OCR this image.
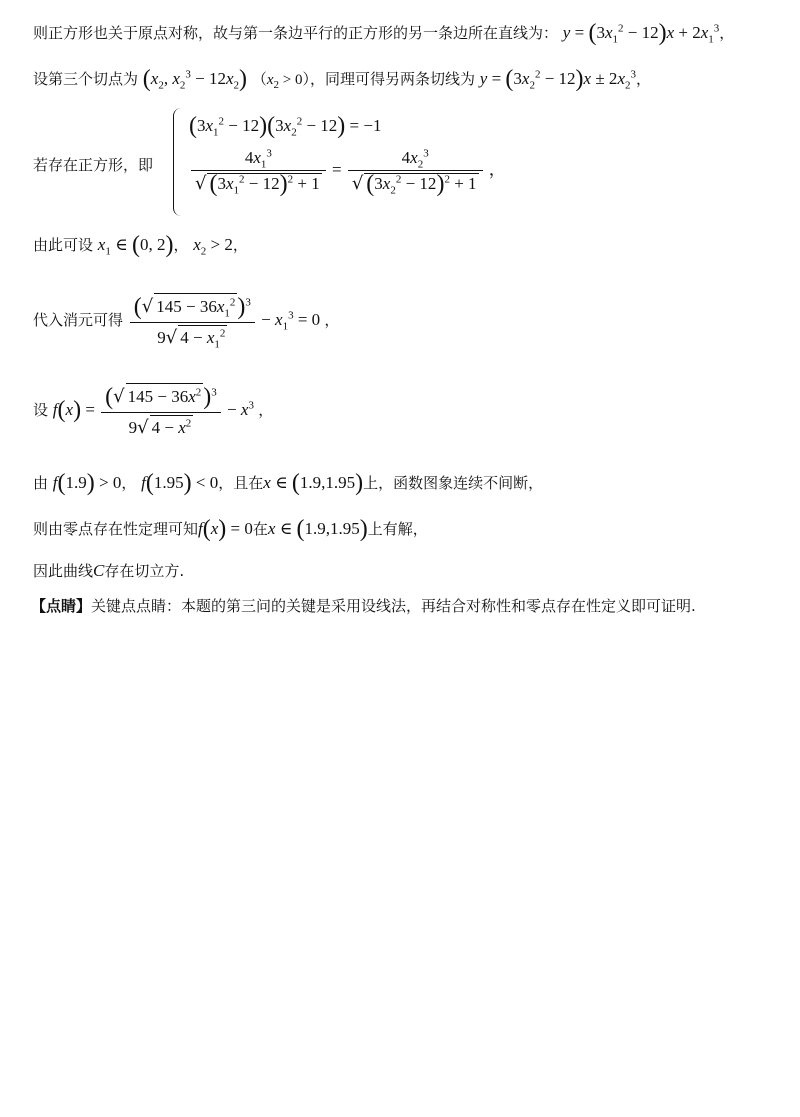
则正方形也关于原点对称，故与第一条边平行的正方形的另一条边所在直线为： $y = (3x_1^2 - 12)x + 2x_1^3$，
设第三个切点为 ($x_2$, $x_2^3 - 12x_2$) $(x_2 > 0)$，同理可得另两条切线为 $y = (3x_2^2 - 12)x \pm 2x_2^3$，
若存在正方形，即
$(3x_1^2 - 12)(3x_2^2 - 12) = -1$
$\frac{4x_1^3}{√ (3x_1^2 - 12)^2 + 1} = \frac{4x_2^3}{√ (3x_2^2 - 12)^2 + 1}$ ，
由此可设 $x_1$ ∈ (0, 2)， $x_2 > 2$，
代入消元可得 $\frac{(√ 145 - 36x_1^2)^3}{9√ 4 - x_1^2} - x_1^3 = 0$ ，
设 $f(x) = \frac{(√ 145 - 36x^2)^3}{9√ 4 - x^2} - x^3$ ，
由 f(1.9) > 0， f(1.95) < 0，且在x ∈ (1.9,1.95)上，函数图象连续不间断，
则由零点存在性定理可知f(x) = 0在x ∈ (1.9,1.95)上有解，
因此曲线C存在切立方.
【点睛】关键点点睛：本题的第三问的关键是采用设线法，再结合对称性和零点存在性定义即可证明.
